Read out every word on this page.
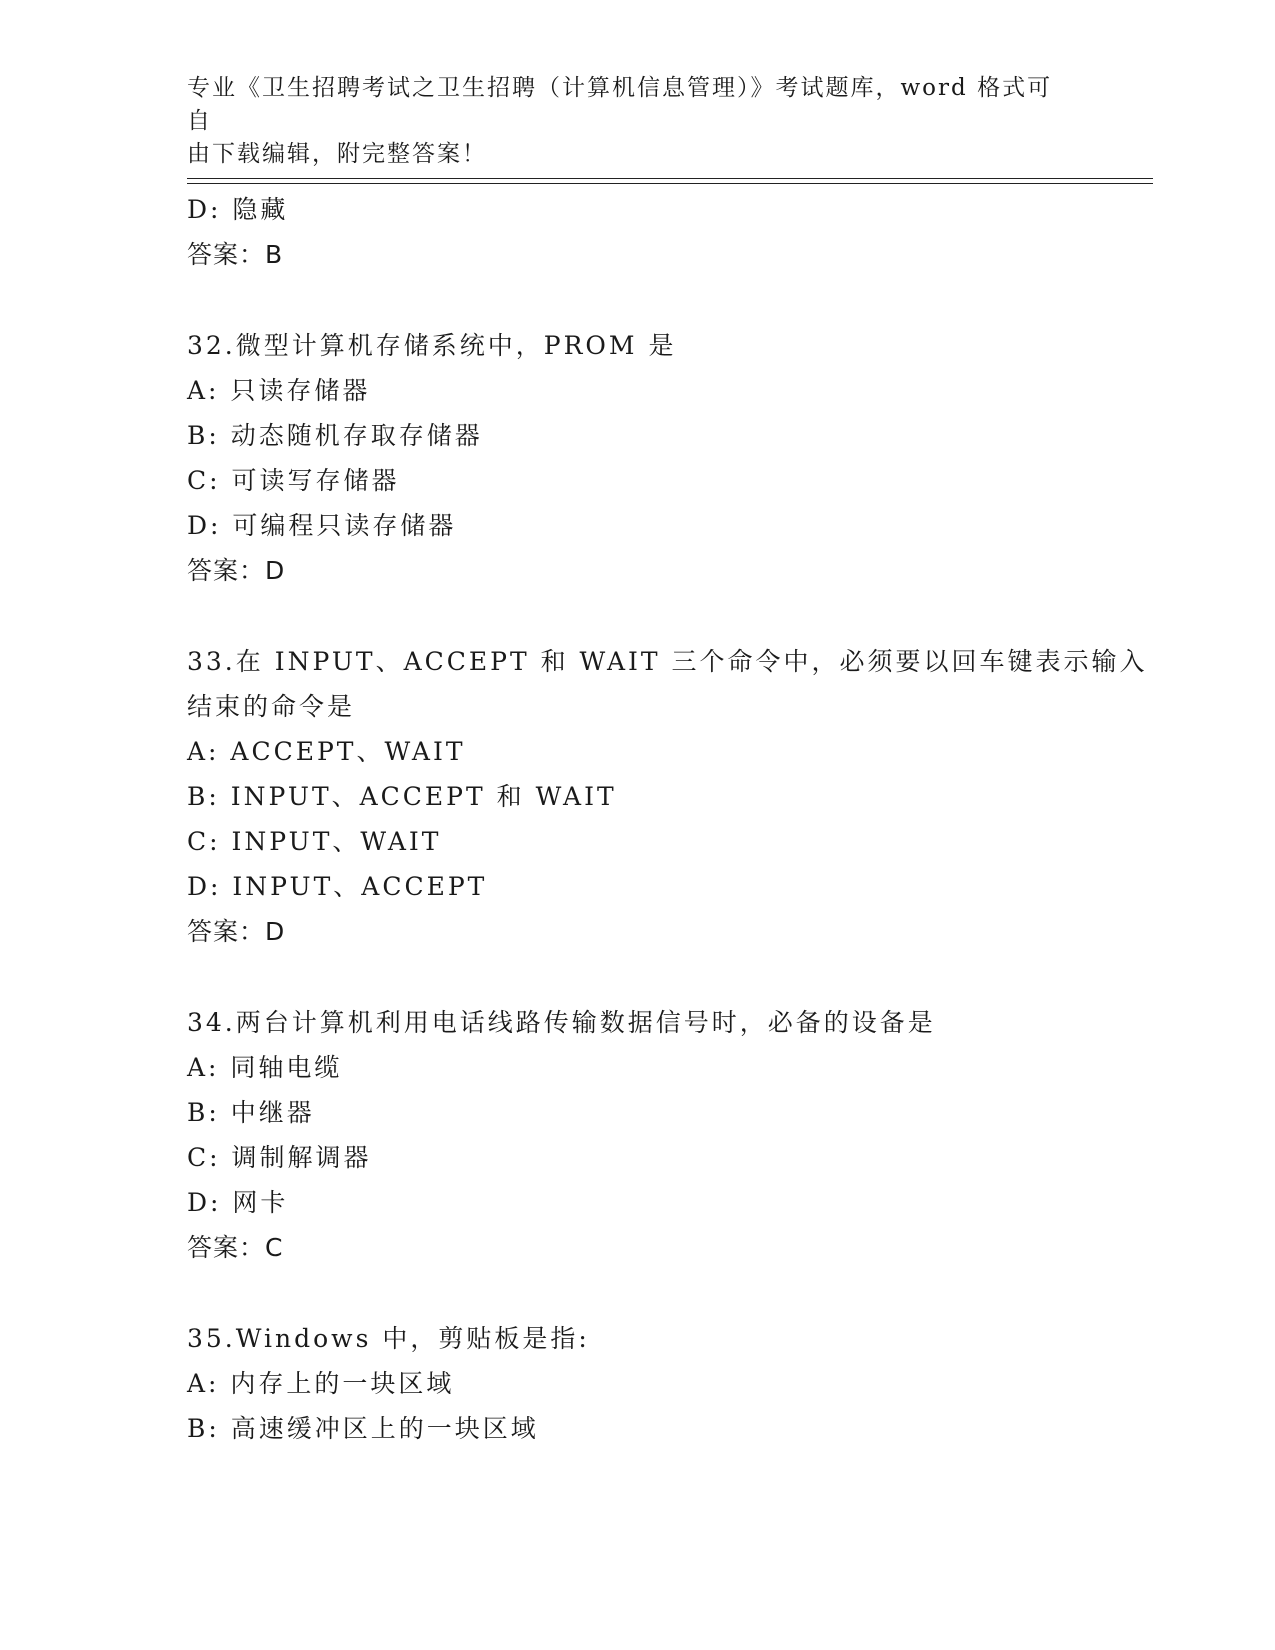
专业《卫生招聘考试之卫生招聘（计算机信息管理）》考试题库，word 格式可自
由下载编辑，附完整答案！

D: 隐藏
答案：B
32.微型计算机存储系统中，PROM 是
A: 只读存储器
B: 动态随机存取存储器
C: 可读写存储器
D: 可编程只读存储器
答案：D
33.在 INPUT、ACCEPT 和 WAIT 三个命令中，必须要以回车键表示输入
结束的命令是
A: ACCEPT、WAIT
B: INPUT、ACCEPT 和 WAIT
C: INPUT、WAIT
D: INPUT、ACCEPT
答案：D
34.两台计算机利用电话线路传输数据信号时，必备的设备是
A: 同轴电缆
B: 中继器
C: 调制解调器
D: 网卡
答案：C
35.Windows 中，剪贴板是指:
A: 内存上的一块区域
B: 高速缓冲区上的一块区域
